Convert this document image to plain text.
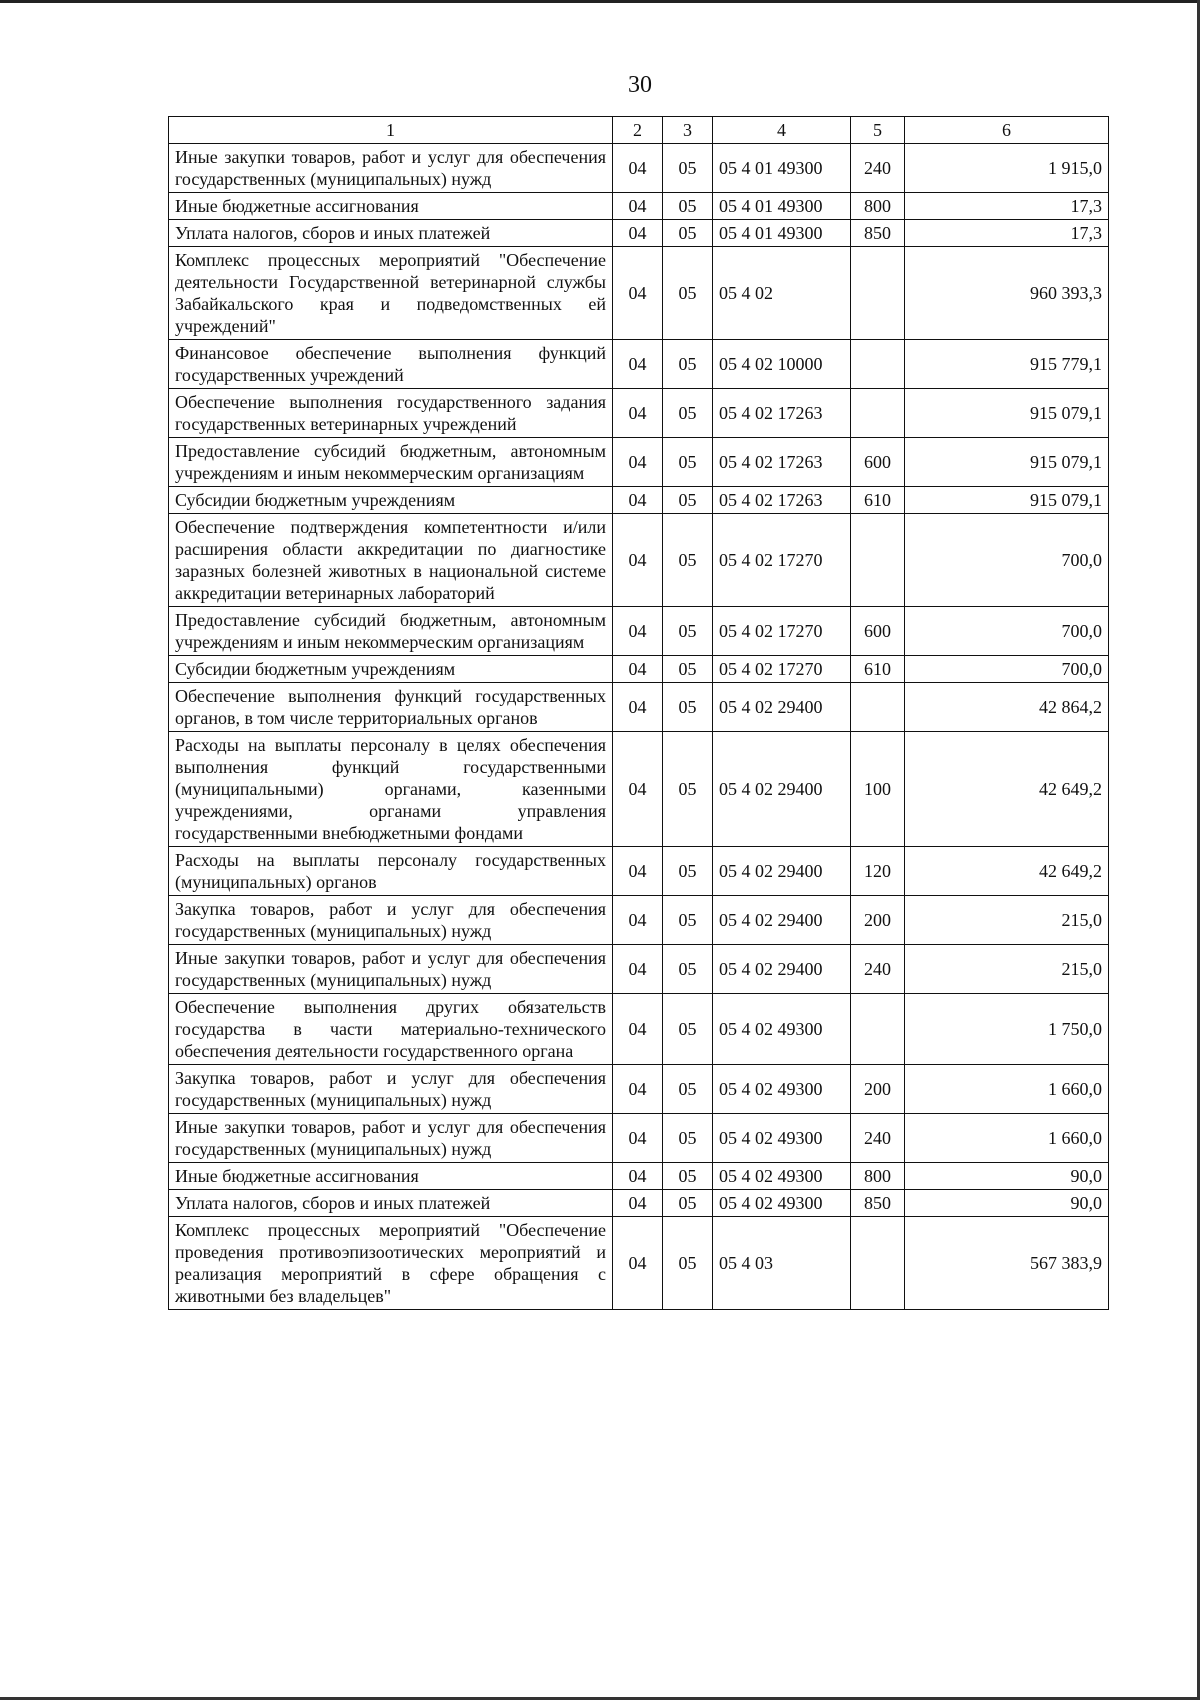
30
1	2	3	4	5	6
Иные закупки товаров, работ и услуг для обеспечения государственных (муниципальных) нужд	04	05	05 4 01 49300	240	1 915,0
Иные бюджетные ассигнования	04	05	05 4 01 49300	800	17,3
Уплата налогов, сборов и иных платежей	04	05	05 4 01 49300	850	17,3
Комплекс процессных мероприятий "Обеспечение деятельности Государственной ветеринарной службы Забайкальского края и подведомственных ей учреждений"	04	05	05 4 02		960 393,3
Финансовое обеспечение выполнения функций государственных учреждений	04	05	05 4 02 10000		915 779,1
Обеспечение выполнения государственного задания государственных ветеринарных учреждений	04	05	05 4 02 17263		915 079,1
Предоставление субсидий бюджетным, автономным учреждениям и иным некоммерческим организациям	04	05	05 4 02 17263	600	915 079,1
Субсидии бюджетным учреждениям	04	05	05 4 02 17263	610	915 079,1
Обеспечение подтверждения компетентности и/или расширения области аккредитации по диагностике заразных болезней животных в национальной системе аккредитации ветеринарных лабораторий	04	05	05 4 02 17270		700,0
Предоставление субсидий бюджетным, автономным учреждениям и иным некоммерческим организациям	04	05	05 4 02 17270	600	700,0
Субсидии бюджетным учреждениям	04	05	05 4 02 17270	610	700,0
Обеспечение выполнения функций государственных органов, в том числе территориальных органов	04	05	05 4 02 29400		42 864,2
Расходы на выплаты персоналу в целях обеспечения выполнения функций государственными (муниципальными) органами, казенными учреждениями, органами управления государственными внебюджетными фондами	04	05	05 4 02 29400	100	42 649,2
Расходы на выплаты персоналу государственных (муниципальных) органов	04	05	05 4 02 29400	120	42 649,2
Закупка товаров, работ и услуг для обеспечения государственных (муниципальных) нужд	04	05	05 4 02 29400	200	215,0
Иные закупки товаров, работ и услуг для обеспечения государственных (муниципальных) нужд	04	05	05 4 02 29400	240	215,0
Обеспечение выполнения других обязательств государства в части материально-технического обеспечения деятельности государственного органа	04	05	05 4 02 49300		1 750,0
Закупка товаров, работ и услуг для обеспечения государственных (муниципальных) нужд	04	05	05 4 02 49300	200	1 660,0
Иные закупки товаров, работ и услуг для обеспечения государственных (муниципальных) нужд	04	05	05 4 02 49300	240	1 660,0
Иные бюджетные ассигнования	04	05	05 4 02 49300	800	90,0
Уплата налогов, сборов и иных платежей	04	05	05 4 02 49300	850	90,0
Комплекс процессных мероприятий "Обеспечение проведения противоэпизоотических мероприятий и реализация мероприятий в сфере обращения с животными без владельцев"	04	05	05 4 03		567 383,9
